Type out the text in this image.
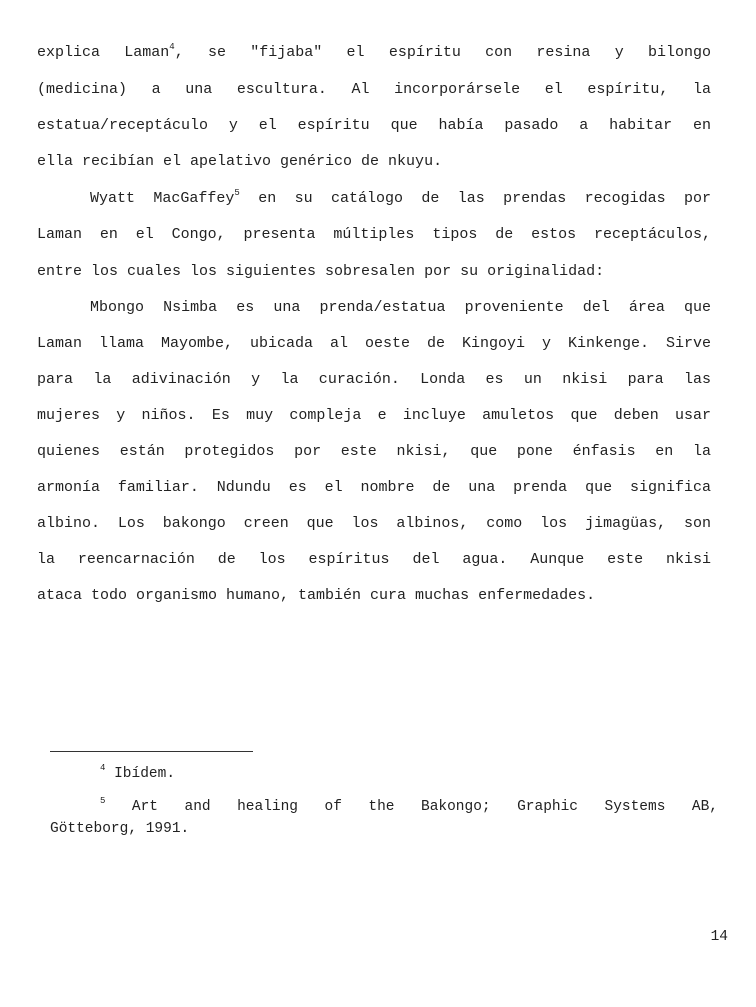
explica Laman$^4$, se "fijaba" el espíritu con resina y bilongo
(medicina) a una escultura. Al incorporársele el espíritu, la
estatua/receptáculo y el espíritu que había pasado a habitar en
ella recibían el apelativo genérico de nkuyu.
Wyatt MacGaffey$^5$ en su catálogo de las prendas recogidas por
Laman en el Congo, presenta múltiples tipos de estos receptáculos,
entre los cuales los siguientes sobresalen por su originalidad:
Mbongo Nsimba es una prenda/estatua proveniente del área que
Laman llama Mayombe, ubicada al oeste de Kingoyi y Kinkenge. Sirve
para la adivinación y la curación. Londa es un nkisi para las
mujeres y niños. Es muy compleja e incluye amuletos que deben usar
quienes están protegidos por este nkisi, que pone énfasis en la
armonía familiar. Ndundu es el nombre de una prenda que significa
albino. Los bakongo creen que los albinos, como los jimagüas, son
la reencarnación de los espíritus del agua. Aunque este nkisi
ataca todo organismo humano, también cura muchas enfermedades.
$^4$ Ibídem.
$^5$ Art and healing of the Bakongo; Graphic Systems AB,
Götteborg, 1991.
14
